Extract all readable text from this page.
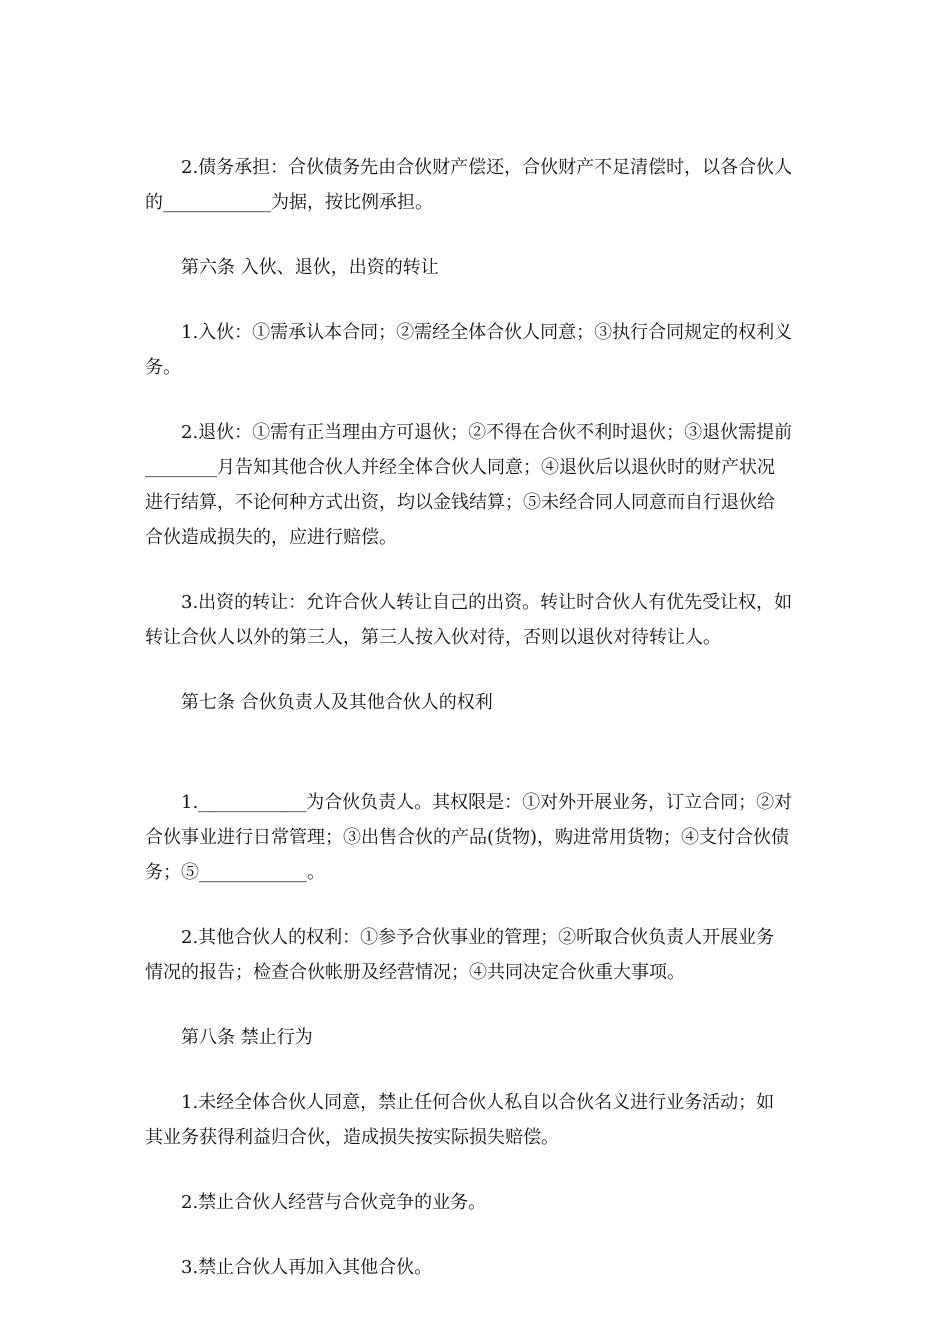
2.债务承担：合伙债务先由合伙财产偿还，合伙财产不足清偿时，以各合伙人
的____________为据，按比例承担。

第六条 入伙、退伙，出资的转让

1.入伙：①需承认本合同；②需经全体合伙人同意；③执行合同规定的权利义
务。

2.退伙：①需有正当理由方可退伙；②不得在合伙不利时退伙；③退伙需提前
________月告知其他合伙人并经全体合伙人同意；④退伙后以退伙时的财产状况
进行结算，不论何种方式出资，均以金钱结算；⑤未经合同人同意而自行退伙给
合伙造成损失的，应进行赔偿。

3.出资的转让：允许合伙人转让自己的出资。转让时合伙人有优先受让权，如
转让合伙人以外的第三人，第三人按入伙对待，否则以退伙对待转让人。

第七条 合伙负责人及其他合伙人的权利

1.____________为合伙负责人。其权限是：①对外开展业务，订立合同；②对
合伙事业进行日常管理；③出售合伙的产品(货物)，购进常用货物；④支付合伙债
务；⑤____________。

2.其他合伙人的权利：①参予合伙事业的管理；②听取合伙负责人开展业务
情况的报告；检查合伙帐册及经营情况；④共同决定合伙重大事项。

第八条 禁止行为

1.未经全体合伙人同意，禁止任何合伙人私自以合伙名义进行业务活动；如
其业务获得利益归合伙，造成损失按实际损失赔偿。

2.禁止合伙人经营与合伙竞争的业务。

3.禁止合伙人再加入其他合伙。
